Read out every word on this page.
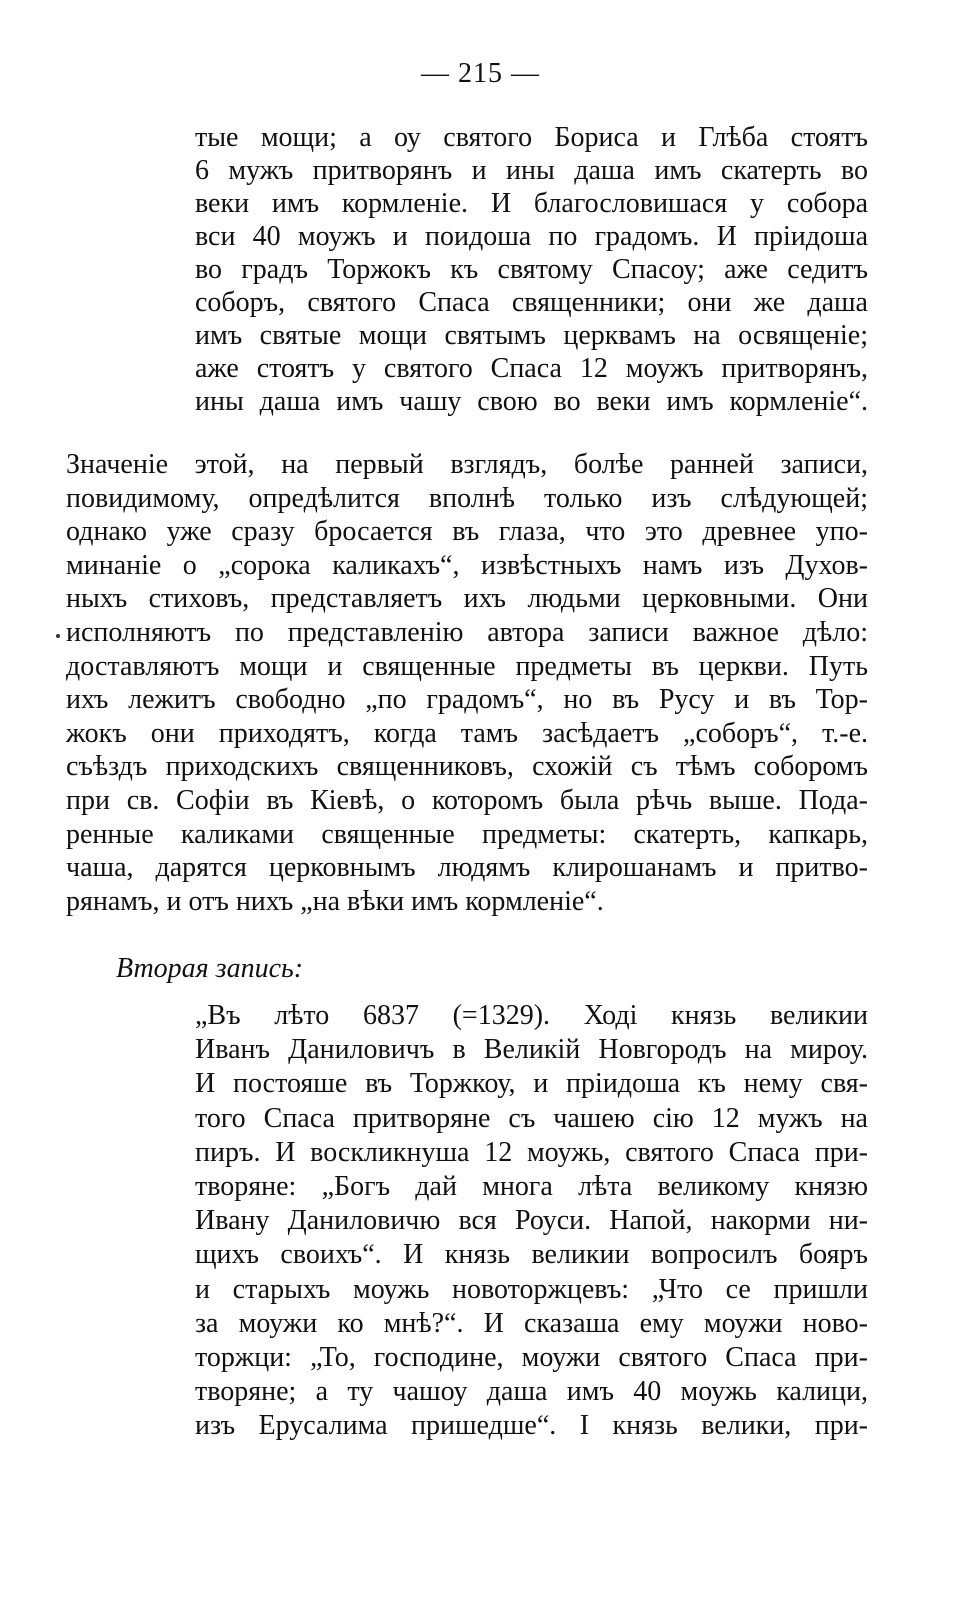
— 215 —
тые мощи; а оу святого Бориса и Глѣба стоятъ
6 мужъ притворянъ и ины даша имъ скатерть во
веки имъ кормленіе. И благословишася у собора
вси 40 моужъ и поидоша по градомъ. И пріидоша
во градъ Торжокъ къ святому Спасоу; аже седитъ
соборъ, святого Спаса священники; они же даша
имъ святые мощи святымъ церквамъ на освященіе;
аже стоятъ у святого Спаса 12 моужъ притворянъ,
ины даша имъ чашу свою во веки имъ кормленіе“.
Значеніе этой, на первый взглядъ, болѣе ранней записи,
повидимому, опредѣлится вполнѣ только изъ слѣдующей;
однако уже сразу бросается въ глаза, что это древнее упо-
минаніе о „сорока каликахъ“, извѣстныхъ намъ изъ Духов-
ныхъ стиховъ, представляетъ ихъ людьми церковными. Они
исполняютъ по представленію автора записи важное дѣло:
доставляютъ мощи и священные предметы въ церкви. Путь
ихъ лежитъ свободно „по градомъ“, но въ Русу и въ Тор-
жокъ они приходятъ, когда тамъ засѣдаетъ „соборъ“, т.-е.
съѣздъ приходскихъ священниковъ, схожій съ тѣмъ соборомъ
при св. Софіи въ Кіевѣ, о которомъ была рѣчь выше. Пода-
ренные каликами священные предметы: скатерть, капкарь,
чаша, дарятся церковнымъ людямъ клирошанамъ и притво-
рянамъ, и отъ нихъ „на вѣки имъ кормленіе“.
Вторая запись:
„Въ лѣто 6837 (=1329). Ході князь великии
Иванъ Даниловичъ в Великій Новгородъ на мироу.
И постояше въ Торжкоу, и пріидоша къ нему свя-
того Спаса притворяне съ чашею сію 12 мужъ на
пиръ. И воскликнуша 12 моужь, святого Спаса при-
творяне: „Богъ дай многа лѣта великому князю
Ивану Даниловичю вся Роуси. Напой, накорми ни-
щихъ своихъ“. И князь великии вопросилъ бояръ
и старыхъ моужь новоторжцевъ: „Что се пришли
за моужи ко мнѣ?“. И сказаша ему моужи ново-
торжци: „То, господине, моужи святого Спаса при-
творяне; а ту чашоу даша имъ 40 моужь калици,
изъ Ерусалима пришедше“. І князь велики, при-
